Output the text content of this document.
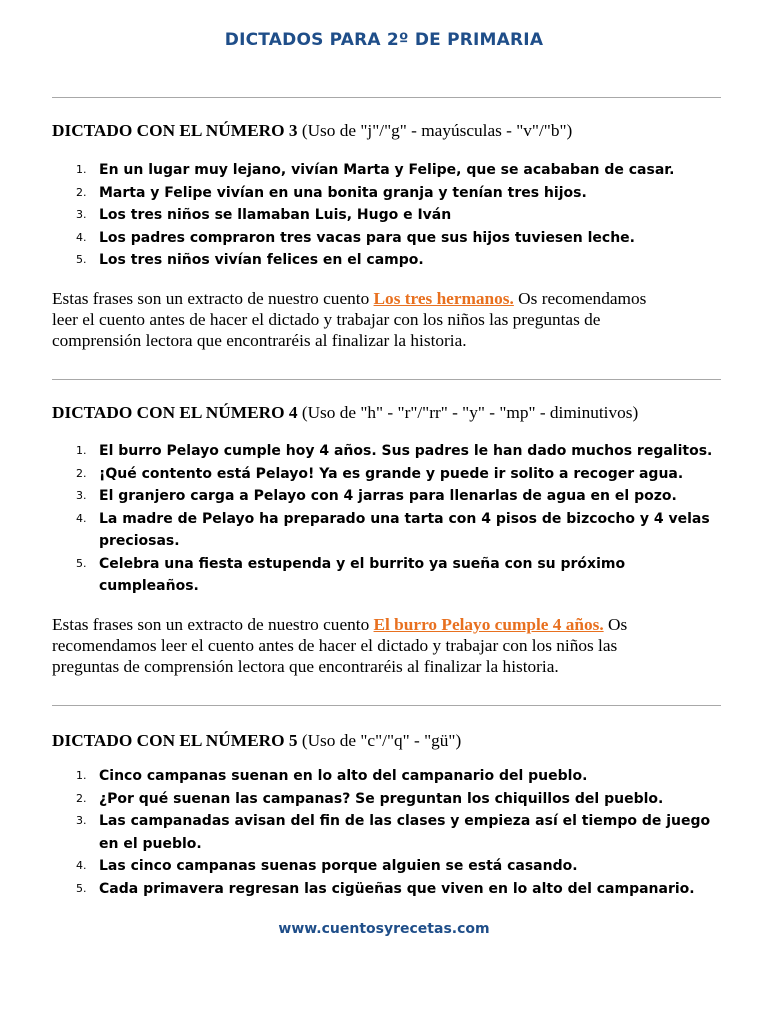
DICTADOS PARA 2º DE PRIMARIA
DICTADO CON EL NÚMERO 3 (Uso de "j"/"g" - mayúsculas - "v"/"b")
1. En un lugar muy lejano, vivían Marta y Felipe, que se acababan de casar.
2. Marta y Felipe vivían en una bonita granja y tenían tres hijos.
3. Los tres niños se llamaban Luis, Hugo e Iván
4. Los padres compraron tres vacas para que sus hijos tuviesen leche.
5. Los tres niños vivían felices en el campo.
Estas frases son un extracto de nuestro cuento Los tres hermanos. Os recomendamos
leer el cuento antes de hacer el dictado y trabajar con los niños las preguntas de
comprensión lectora que encontraréis al finalizar la historia.
DICTADO CON EL NÚMERO 4 (Uso de "h" - "r"/"rr" - "y" - "mp" - diminutivos)
1. El burro Pelayo cumple hoy 4 años. Sus padres le han dado muchos regalitos.
2. ¡Qué contento está Pelayo! Ya es grande y puede ir solito a recoger agua.
3. El granjero carga a Pelayo con 4 jarras para llenarlas de agua en el pozo.
4. La madre de Pelayo ha preparado una tarta con 4 pisos de bizcocho y 4 velas
preciosas.
5. Celebra una fiesta estupenda y el burrito ya sueña con su próximo
cumpleaños.
Estas frases son un extracto de nuestro cuento El burro Pelayo cumple 4 años. Os
recomendamos leer el cuento antes de hacer el dictado y trabajar con los niños las
preguntas de comprensión lectora que encontraréis al finalizar la historia.
DICTADO CON EL NÚMERO 5 (Uso de "c"/"q" - "gü")
1. Cinco campanas suenan en lo alto del campanario del pueblo.
2. ¿Por qué suenan las campanas? Se preguntan los chiquillos del pueblo.
3. Las campanadas avisan del fin de las clases y empieza así el tiempo de juego
en el pueblo.
4. Las cinco campanas suenas porque alguien se está casando.
5. Cada primavera regresan las cigüeñas que viven en lo alto del campanario.
www.cuentosyrecetas.com
